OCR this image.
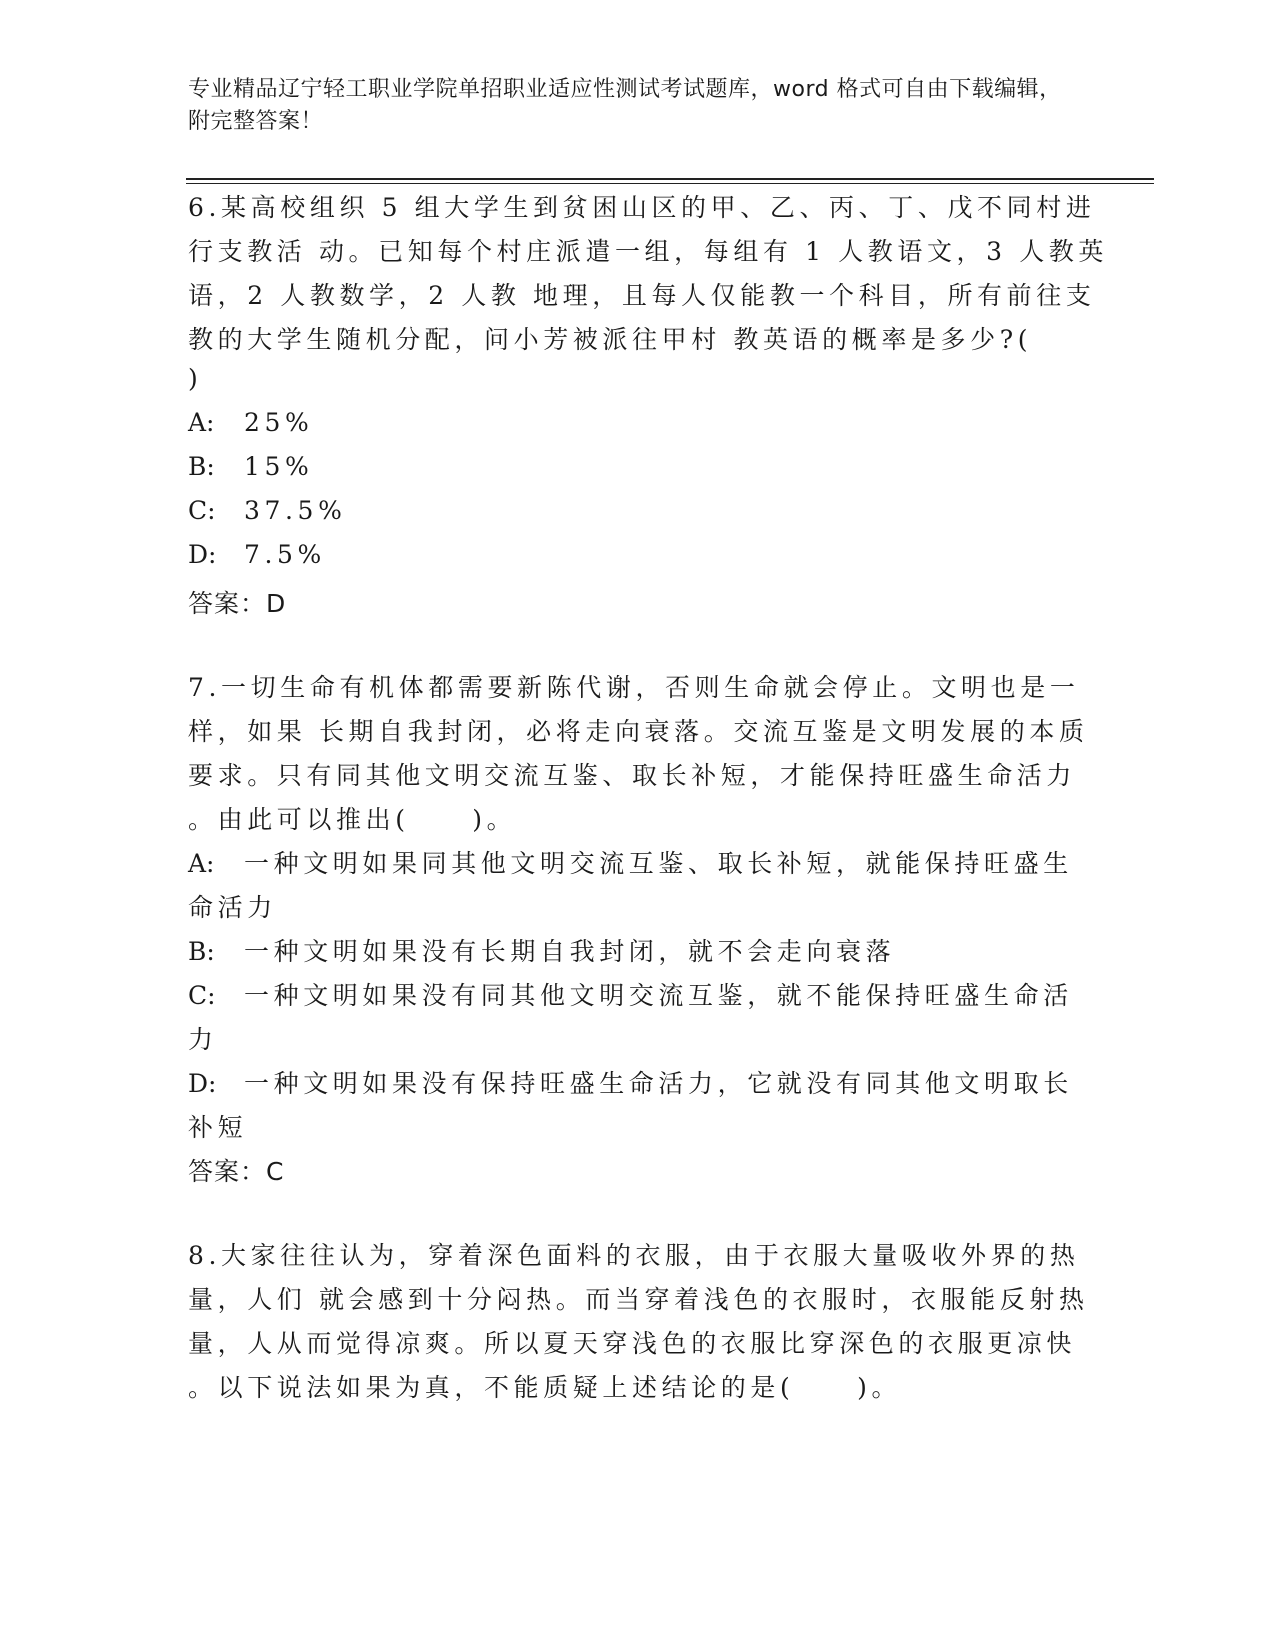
专业精品辽宁轻工职业学院单招职业适应性测试考试题库，word 格式可自由下载编辑，附完整答案！
6.某高校组织 5 组大学生到贫困山区的甲、乙、丙、丁、戊不同村进
行支教活 动。已知每个村庄派遣一组，每组有 1 人教语文，3 人教英
语，2 人教数学，2 人教 地理，且每人仅能教一个科目，所有前往支
教的大学生随机分配，问小芳被派往甲村 教英语的概率是多少?(
)
A: 25%
B: 15%
C: 37.5%
D: 7.5%
答案：D
7.一切生命有机体都需要新陈代谢，否则生命就会停止。文明也是一
样，如果 长期自我封闭，必将走向衰落。交流互鉴是文明发展的本质
要求。只有同其他文明交流互鉴、取长补短，才能保持旺盛生命活力
。由此可以推出(     )。
A: 一种文明如果同其他文明交流互鉴、取长补短，就能保持旺盛生
命活力
B: 一种文明如果没有长期自我封闭，就不会走向衰落
C: 一种文明如果没有同其他文明交流互鉴，就不能保持旺盛生命活
力
D: 一种文明如果没有保持旺盛生命活力，它就没有同其他文明取长
补短
答案：C
8.大家往往认为，穿着深色面料的衣服，由于衣服大量吸收外界的热
量，人们 就会感到十分闷热。而当穿着浅色的衣服时，衣服能反射热
量，人从而觉得凉爽。所以夏天穿浅色的衣服比穿深色的衣服更凉快
。以下说法如果为真，不能质疑上述结论的是(     )。
